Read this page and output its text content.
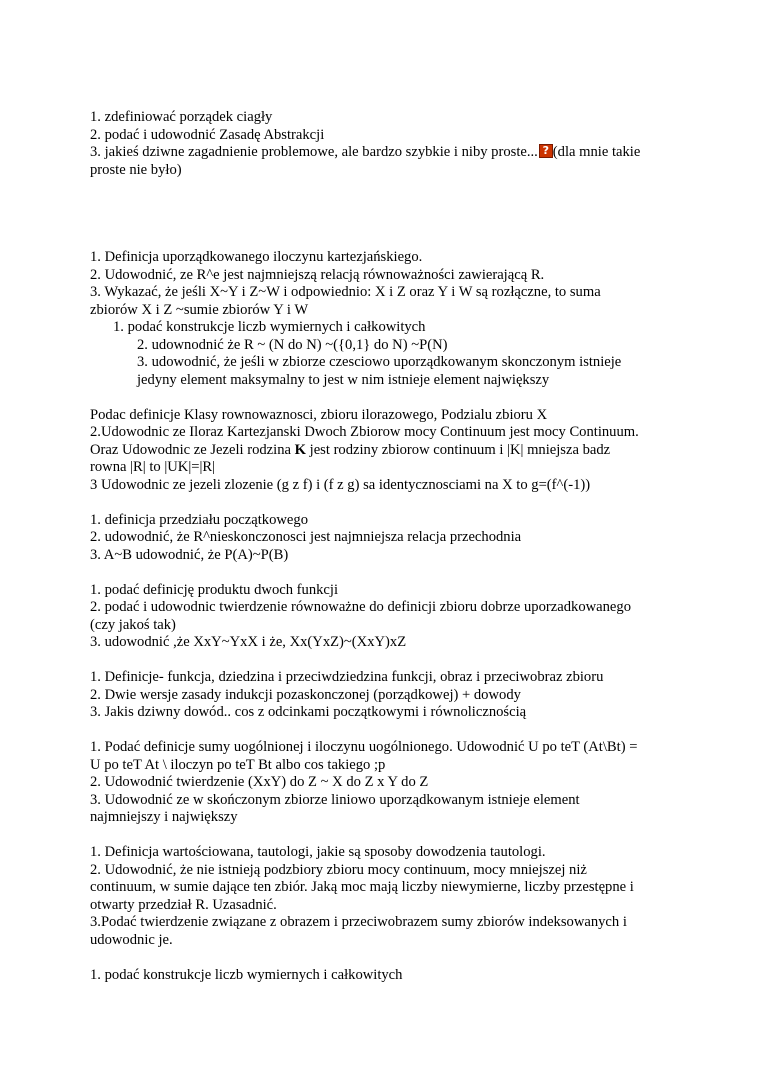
1. zdefiniować porządek ciagły
2. podać i udowodnić Zasadę Abstrakcji
3. jakieś dziwne zagadnienie problemowe, ale bardzo szybkie i niby proste...? (dla mnie takie
proste nie było)
1. Definicja uporządkowanego iloczynu kartezjańskiego.
2. Udowodnić, ze R^e jest najmniejszą relacją równoważności zawierającą R.
3. Wykazać, że jeśli X~Y i Z~W i odpowiednio: X i Z oraz Y i W są rozłączne, to suma
zbiorów X i Z ~sumie zbiorów Y i W
1. podać konstrukcje liczb wymiernych i całkowitych
2. udownodnić że R ~ (N do N) ~({0,1} do N) ~P(N)
3. udowodnić, że jeśli w zbiorze czesciowo uporządkowanym skonczonym istnieje jedyny element maksymalny to jest w nim istnieje element największy
Podac definicje Klasy rownowaznosci, zbioru ilorazowego, Podzialu zbioru X
2.Udowodnic ze Iloraz Kartezjanski Dwoch Zbiorow mocy Continuum jest mocy Continuum.
Oraz Udowodnic ze Jezeli rodzina K jest rodziny zbiorow continuum i |K| mniejsza badz
rowna |R| to |UK|=|R|
3 Udowodnic ze jezeli zlozenie (g z f) i (f z g) sa identycznosciami na X to g=(f^(-1))
1. definicja przedziału początkowego
2. udowodnić, że R^nieskonczonosci jest najmniejsza relacja przechodnia
3. A~B udowodnić, że P(A)~P(B)
1. podać definicję produktu dwoch funkcji
2. podać i udowodnic twierdzenie równoważne do definicji zbioru dobrze uporzadkowanego
(czy jakoś tak)
3. udowodnić ,że XxY~YxX i że, Xx(YxZ)~(XxY)xZ
1. Definicje- funkcja, dziedzina i przeciwdziedzina funkcji, obraz i przeciwobraz zbioru
2. Dwie wersje zasady indukcji pozaskonczonej (porządkowej) + dowody
3. Jakis dziwny dowód.. cos z odcinkami początkowymi i równolicznością
1. Podać definicje sumy uogólnionej i iloczynu uogólnionego. Udowodnić U po teT (At\Bt) =
U po teT At \ iloczyn po teT Bt albo cos takiego ;p
2. Udowodnić twierdzenie (XxY) do Z ~ X do Z x Y do Z
3. Udowodnić ze w skończonym zbiorze liniowo uporządkowanym istnieje element
najmniejszy i największy
1. Definicja wartościowana, tautologi, jakie są sposoby dowodzenia tautologi.
2. Udowodnić, że nie istnieją podzbiory zbioru mocy continuum, mocy mniejszej niż
continuum, w sumie dające ten zbiór. Jaką moc mają liczby niewymierne, liczby przestępne i
otwarty przedział R. Uzasadnić.
3.Podać twierdzenie związane z obrazem i przeciwobrazem sumy zbiorów indeksowanych i
udowodnic je.
1. podać konstrukcje liczb wymiernych i całkowitych
